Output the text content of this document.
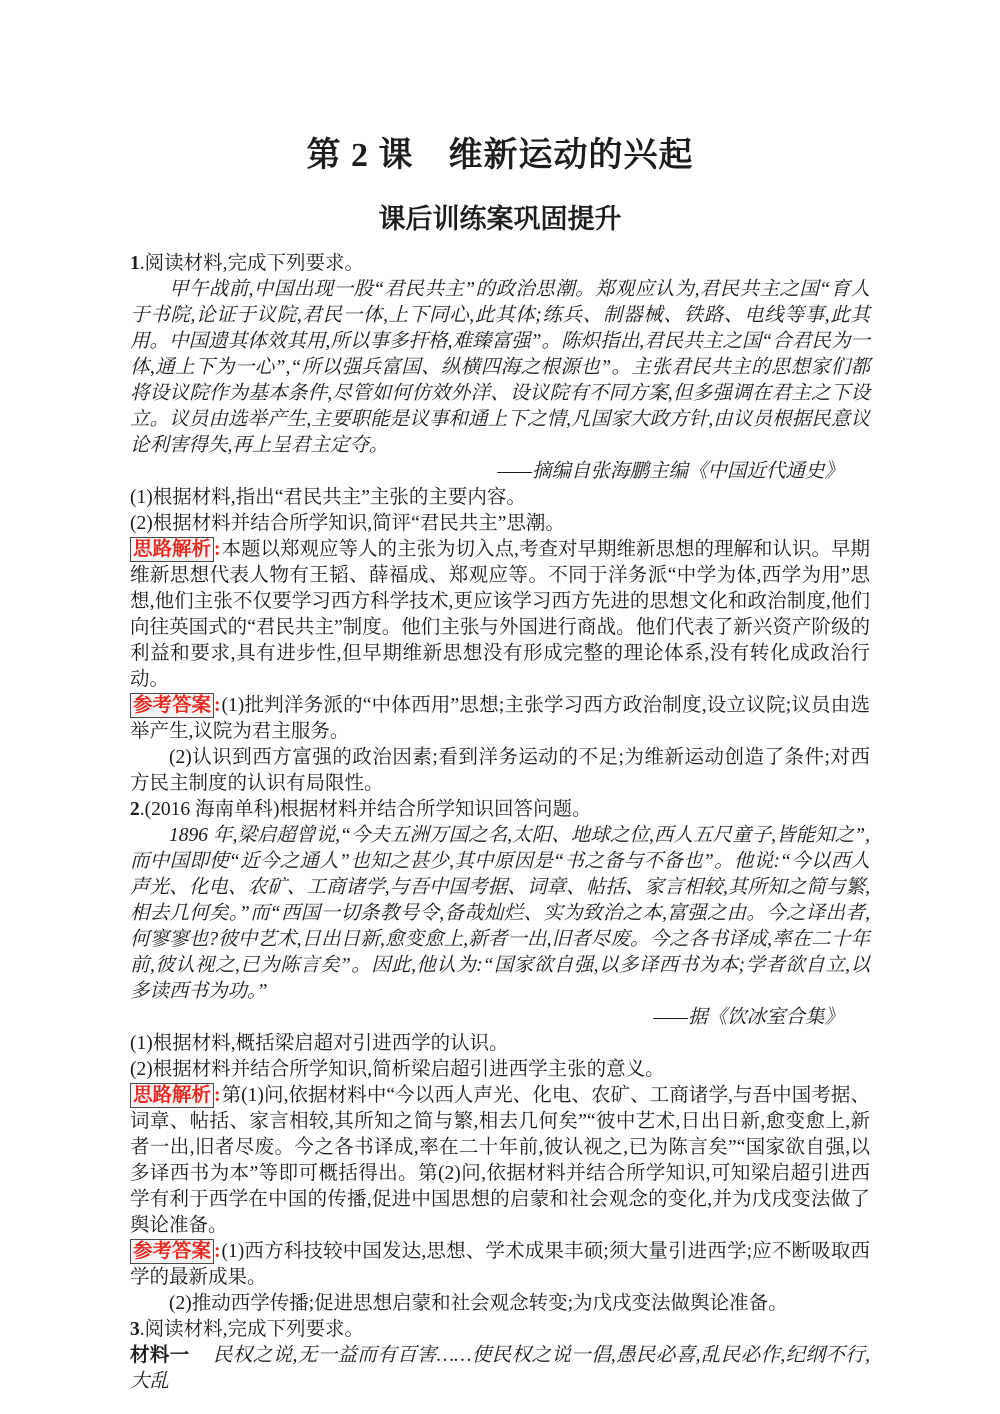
第 2 课　维新运动的兴起
课后训练案巩固提升

1.阅读材料,完成下列要求。

甲午战前,中国出现一股“君民共主”的政治思潮。郑观应认为,君民共主之国“育人于书院,论证于议院,君民一体,上下同心,此其体;练兵、制器械、铁路、电线等事,此其用。中国遗其体效其用,所以事多扞格,难臻富强”。陈炽指出,君民共主之国“合君民为一体,通上下为一心”,“所以强兵富国、纵横四海之根源也”。主张君民共主的思想家们都将设议院作为基本条件,尽管如何仿效外洋、设议院有不同方案,但多强调在君主之下设立。议员由选举产生,主要职能是议事和通上下之情,凡国家大政方针,由议员根据民意议论利害得失,再上呈君主定夺。

——摘编自张海鹏主编《中国近代通史》

(1)根据材料,指出“君民共主”主张的主要内容。

(2)根据材料并结合所学知识,简评“君民共主”思潮。

思路解析 :本题以郑观应等人的主张为切入点,考查对早期维新思想的理解和认识。早期维新思想代表人物有王韬、薛福成、郑观应等。不同于洋务派“中学为体,西学为用”思想,他们主张不仅要学习西方科学技术,更应该学习西方先进的思想文化和政治制度,他们向往英国式的“君民共主”制度。他们主张与外国进行商战。他们代表了新兴资产阶级的利益和要求,具有进步性,但早期维新思想没有形成完整的理论体系,没有转化成政治行动。

参考答案 :(1)批判洋务派的“中体西用”思想;主张学习西方政治制度,设立议院;议员由选举产生,议院为君主服务。

(2)认识到西方富强的政治因素;看到洋务运动的不足;为维新运动创造了条件;对西方民主制度的认识有局限性。

2.(2016 海南单科)根据材料并结合所学知识回答问题。

1896 年,梁启超曾说,“今夫五洲万国之名,太阳、地球之位,西人五尺童子,皆能知之”,而中国即使“近今之通人”也知之甚少,其中原因是“书之备与不备也”。他说:“今以西人声光、化电、农矿、工商诸学,与吾中国考据、词章、帖括、家言相较,其所知之简与繁,相去几何矣。”而“西国一切条教号令,备哉灿烂、实为致治之本,富强之由。今之译出者,何寥寥也?彼中艺术,日出日新,愈变愈上,新者一出,旧者尽废。今之各书译成,率在二十年前,彼认视之,已为陈言矣”。因此,他认为:“国家欲自强,以多译西书为本;学者欲自立,以多读西书为功。”

——据《饮冰室合集》

(1)根据材料,概括梁启超对引进西学的认识。

(2)根据材料并结合所学知识,简析梁启超引进西学主张的意义。

思路解析 :第(1)问,依据材料中“今以西人声光、化电、农矿、工商诸学,与吾中国考据、词章、帖括、家言相较,其所知之简与繁,相去几何矣”“彼中艺术,日出日新,愈变愈上,新者一出,旧者尽废。今之各书译成,率在二十年前,彼认视之,已为陈言矣”“国家欲自强,以多译西书为本”等即可概括得出。第(2)问,依据材料并结合所学知识,可知梁启超引进西学有利于西学在中国的传播,促进中国思想的启蒙和社会观念的变化,并为戊戌变法做了舆论准备。

参考答案 :(1)西方科技较中国发达,思想、学术成果丰硕;须大量引进西学;应不断吸取西学的最新成果。

(2)推动西学传播;促进思想启蒙和社会观念转变;为戊戌变法做舆论准备。

3.阅读材料,完成下列要求。

材料一 民权之说,无一益而有百害……使民权之说一倡,愚民必喜,乱民必作,纪纲不行,大乱
